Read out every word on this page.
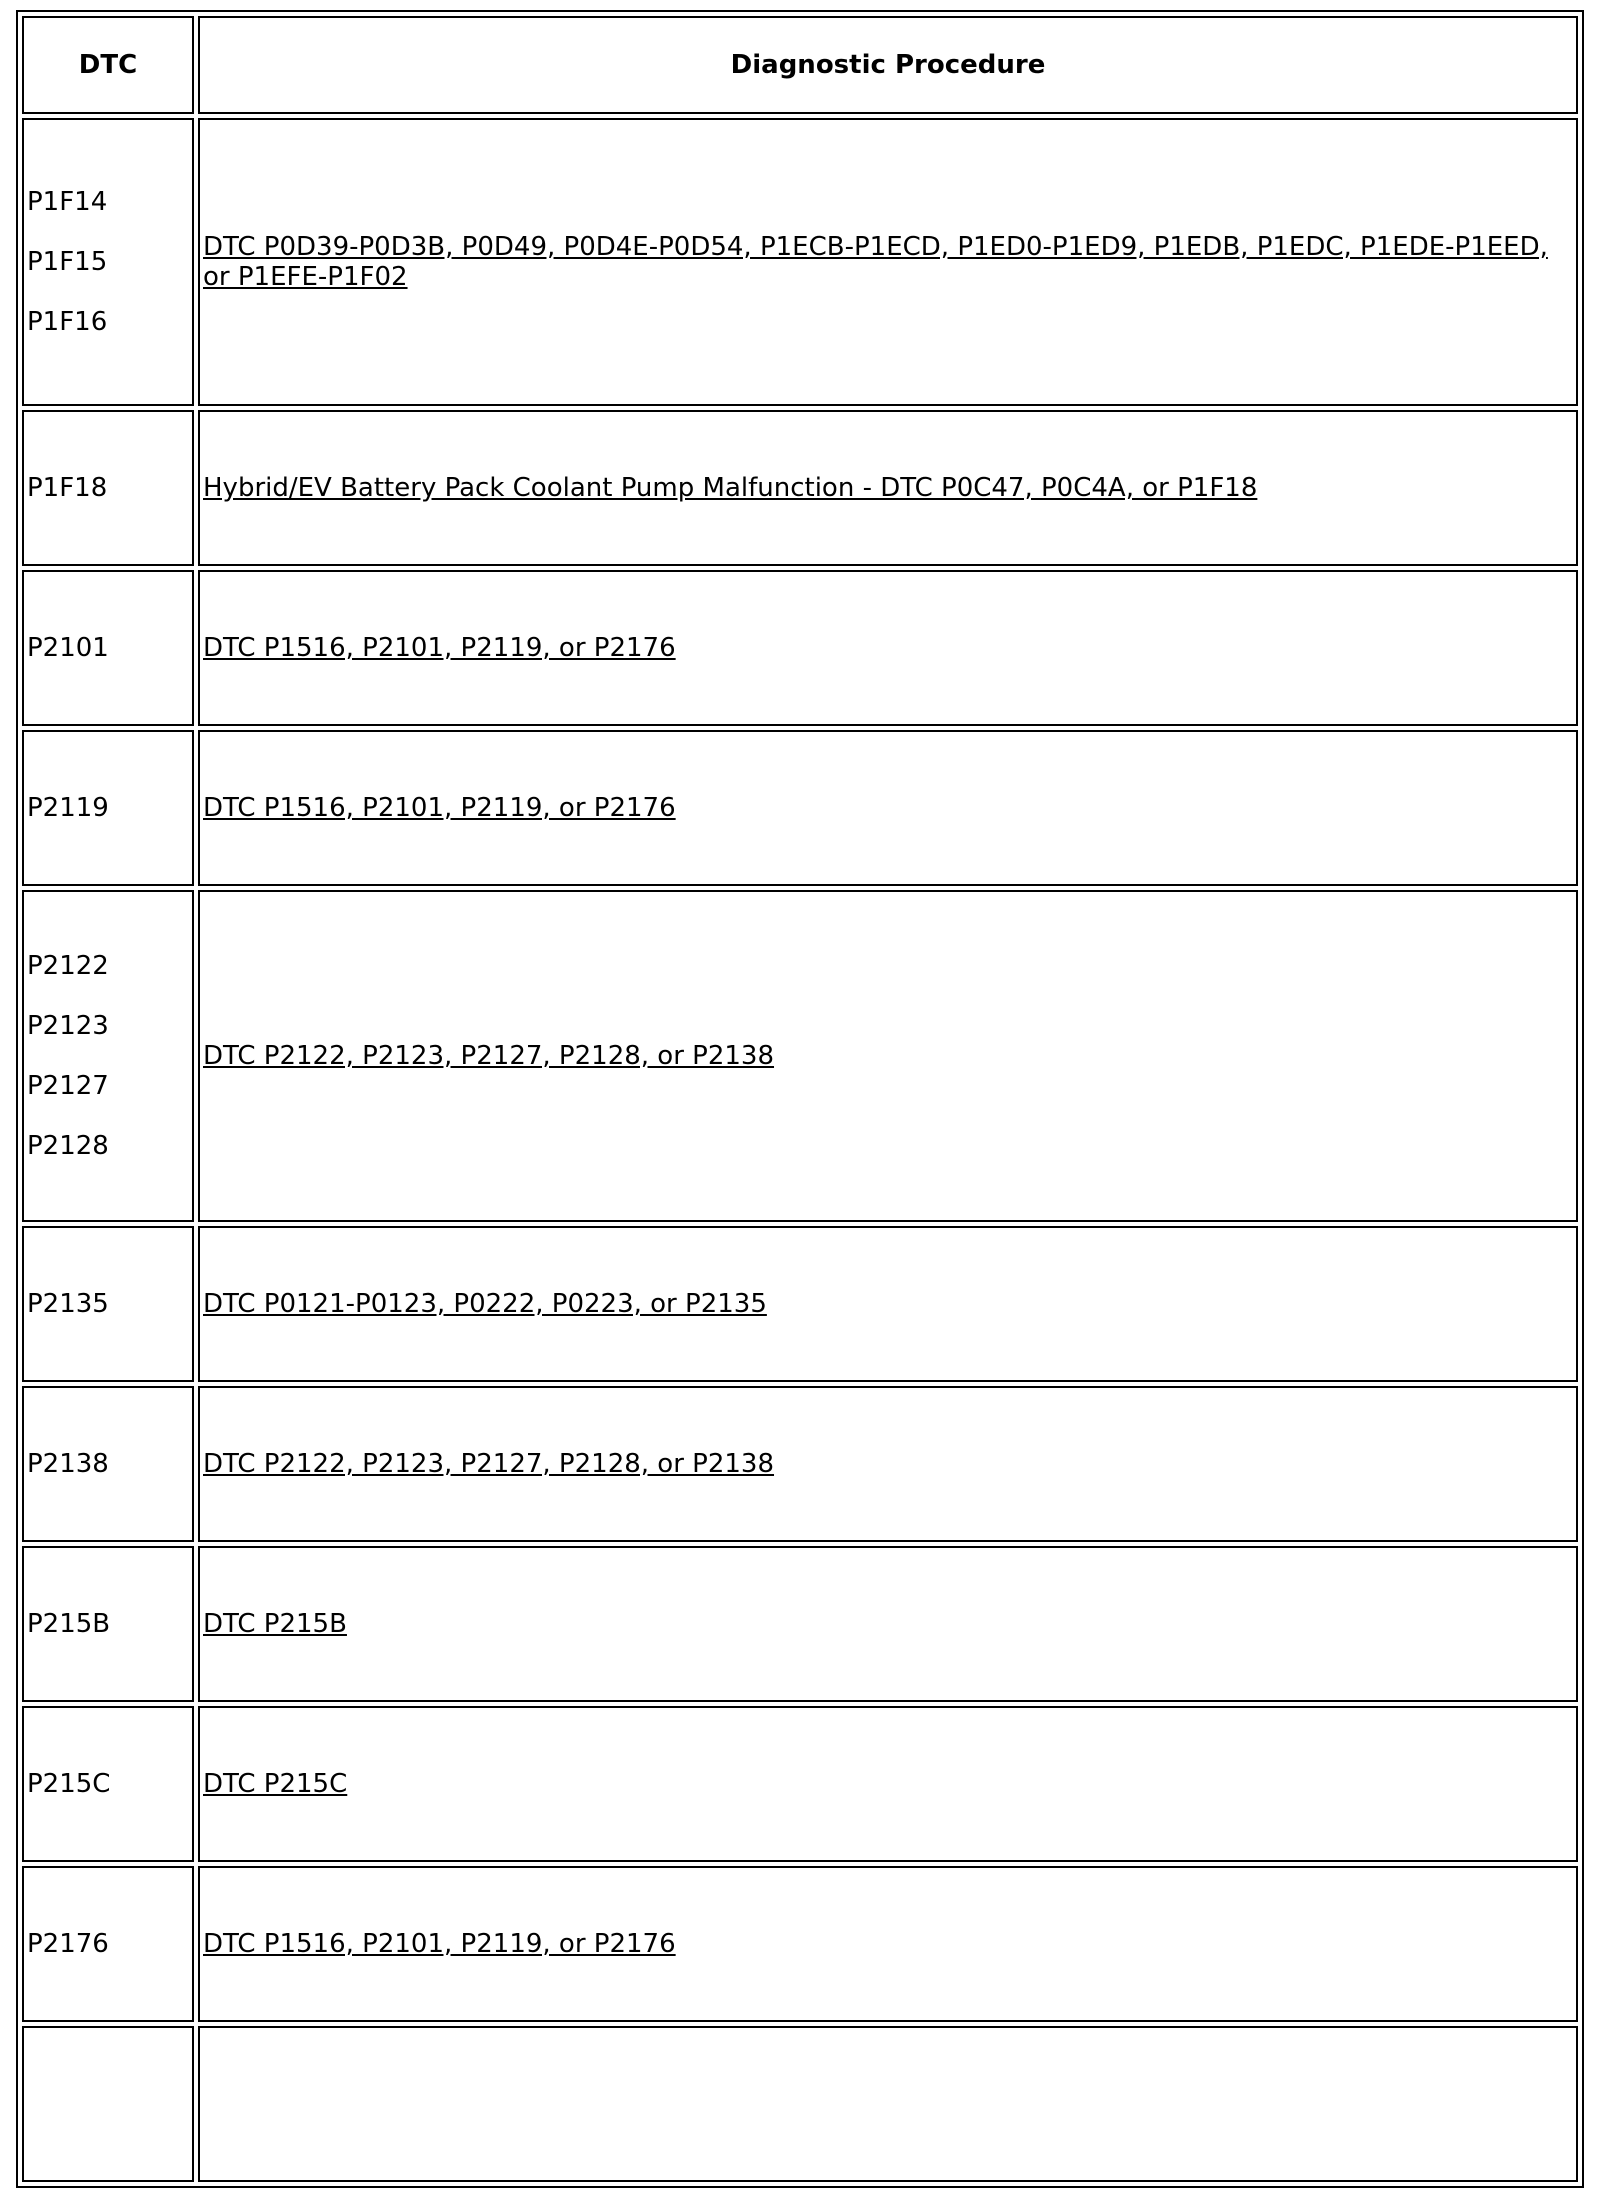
DTC	Diagnostic Procedure

P1F14
P1F15
P1F16	DTC P0D39-P0D3B, P0D49, P0D4E-P0D54, P1ECB-P1ECD, P1ED0-P1ED9, P1EDB, P1EDC, P1EDE-P1EED, or P1EFE-P1F02

P1F18	Hybrid/EV Battery Pack Coolant Pump Malfunction - DTC P0C47, P0C4A, or P1F18

P2101	DTC P1516, P2101, P2119, or P2176

P2119	DTC P1516, P2101, P2119, or P2176

P2122
P2123
P2127
P2128	DTC P2122, P2123, P2127, P2128, or P2138

P2135	DTC P0121-P0123, P0222, P0223, or P2135

P2138	DTC P2122, P2123, P2127, P2128, or P2138

P215B	DTC P215B

P215C	DTC P215C

P2176	DTC P1516, P2101, P2119, or P2176
